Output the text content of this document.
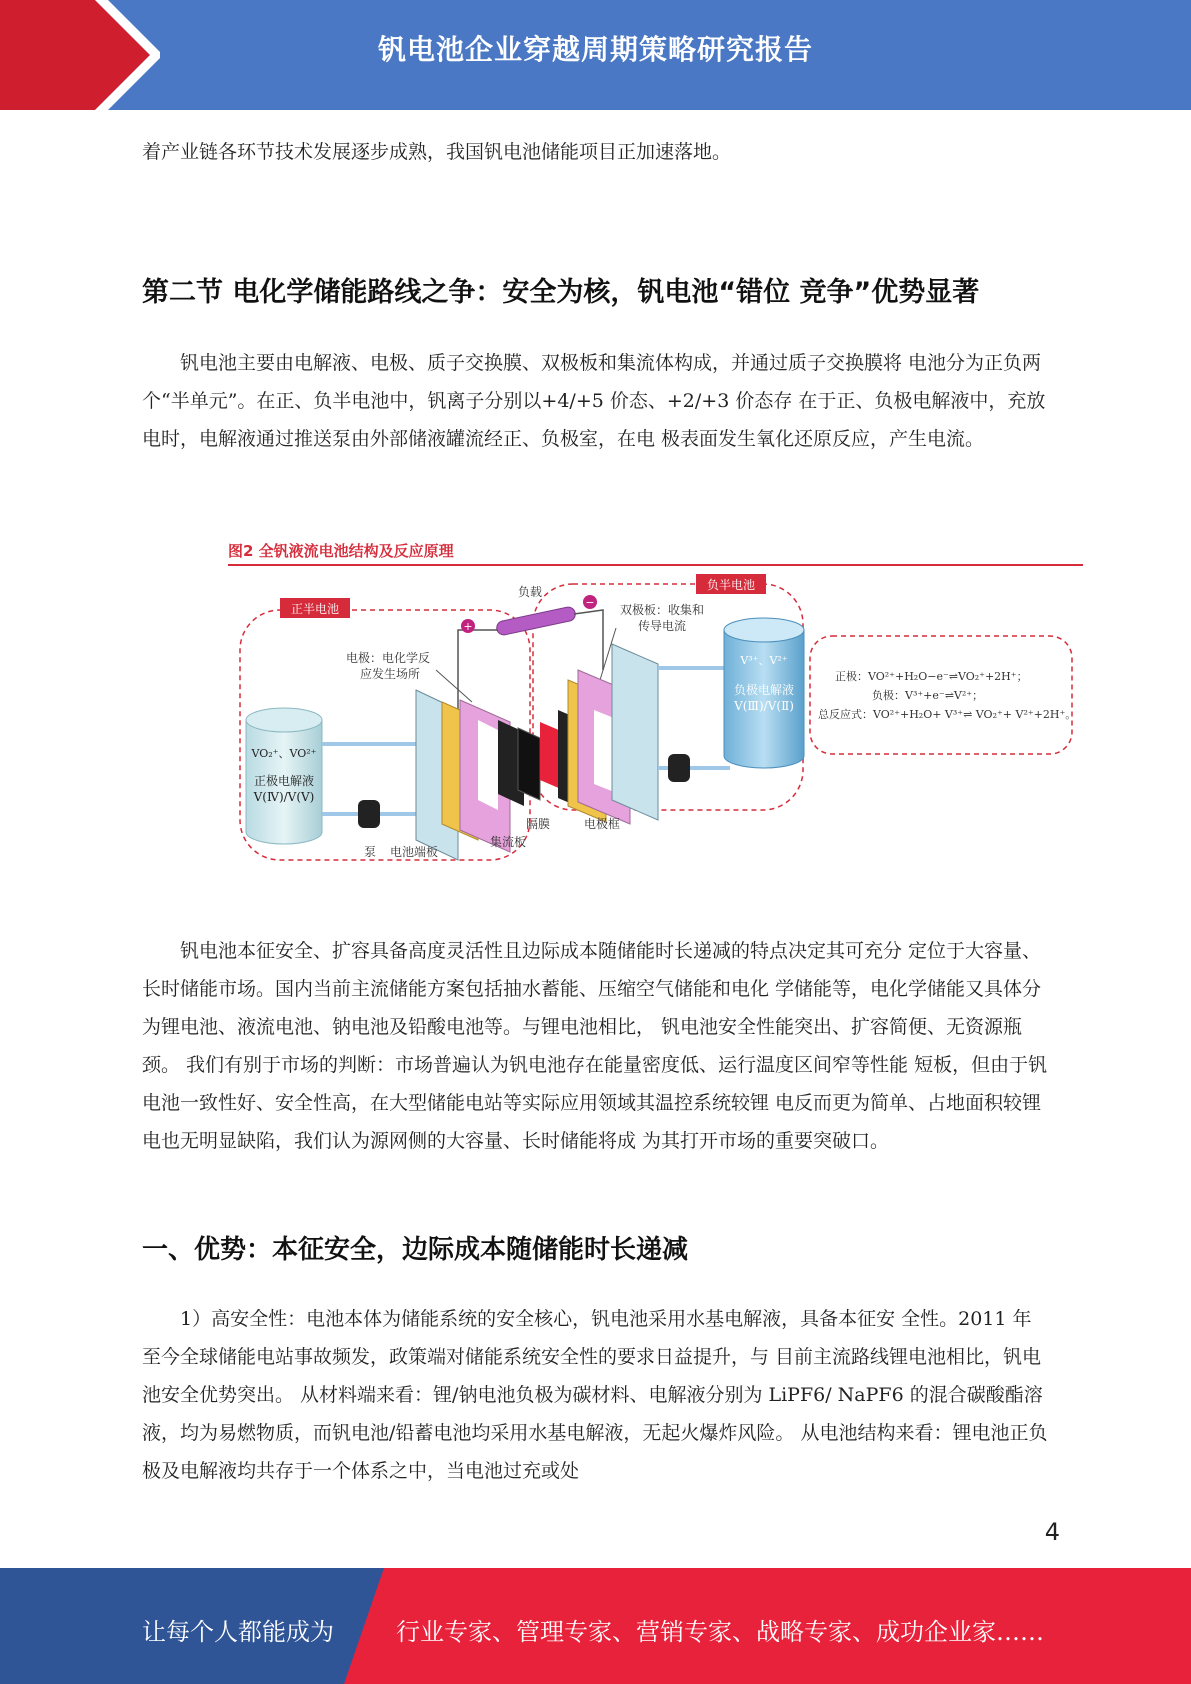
钒电池企业穿越周期策略研究报告

着产业链各环节技术发展逐步成熟，我国钒电池储能项目正加速落地。

第二节 电化学储能路线之争：安全为核，钒电池“错位 竞争”优势显著

钒电池主要由电解液、电极、质子交换膜、双极板和集流体构成，并通过质子交换膜将 电池分为正负两个“半单元”。在正、负半电池中，钒离子分别以+4/+5 价态、+2/+3 价态存 在于正、负极电解液中，充放电时，电解液通过推送泵由外部储液罐流经正、负极室，在电 极表面发生氧化还原反应，产生电流。

图2 全钒液流电池结构及反应原理
正半电池
负半电池
负载
+
−
双极板：收集和
传导电流
电极：电化学反
应发生场所
VO₂⁺、VO²⁺
正极电解液
V(Ⅳ)/V(Ⅴ)
泵 电池端板
集流板
隔膜	电极框
V³⁺、V²⁺
负极电解液
V(Ⅲ)/V(Ⅱ)
正极：VO²⁺+H₂O−e⁻⇌VO₂⁺+2H⁺；
负极：V³⁺+e⁻⇌V²⁺；
总反应式：VO²⁺+H₂O+ V³⁺⇌ VO₂⁺+ V²⁺+2H⁺。

钒电池本征安全、扩容具备高度灵活性且边际成本随储能时长递减的特点决定其可充分 定位于大容量、长时储能市场。国内当前主流储能方案包括抽水蓄能、压缩空气储能和电化 学储能等，电化学储能又具体分为锂电池、液流电池、钠电池及铅酸电池等。与锂电池相比， 钒电池安全性能突出、扩容简便、无资源瓶颈。 我们有别于市场的判断：市场普遍认为钒电池存在能量密度低、运行温度区间窄等性能 短板，但由于钒电池一致性好、安全性高，在大型储能电站等实际应用领域其温控系统较锂 电反而更为简单、占地面积较锂电也无明显缺陷，我们认为源网侧的大容量、长时储能将成 为其打开市场的重要突破口。

一、优势：本征安全，边际成本随储能时长递减

1）高安全性：电池本体为储能系统的安全核心，钒电池采用水基电解液，具备本征安 全性。2011 年至今全球储能电站事故频发，政策端对储能系统安全性的要求日益提升，与 目前主流路线锂电池相比，钒电池安全优势突出。 从材料端来看：锂/钠电池负极为碳材料、电解液分别为 LiPF6/ NaPF6 的混合碳酸酯溶 液，均为易燃物质，而钒电池/铅蓄电池均采用水基电解液，无起火爆炸风险。 从电池结构来看：锂电池正负极及电解液均共存于一个体系之中，当电池过充或处

4
让每个人都能成为	行业专家、管理专家、营销专家、战略专家、成功企业家……
